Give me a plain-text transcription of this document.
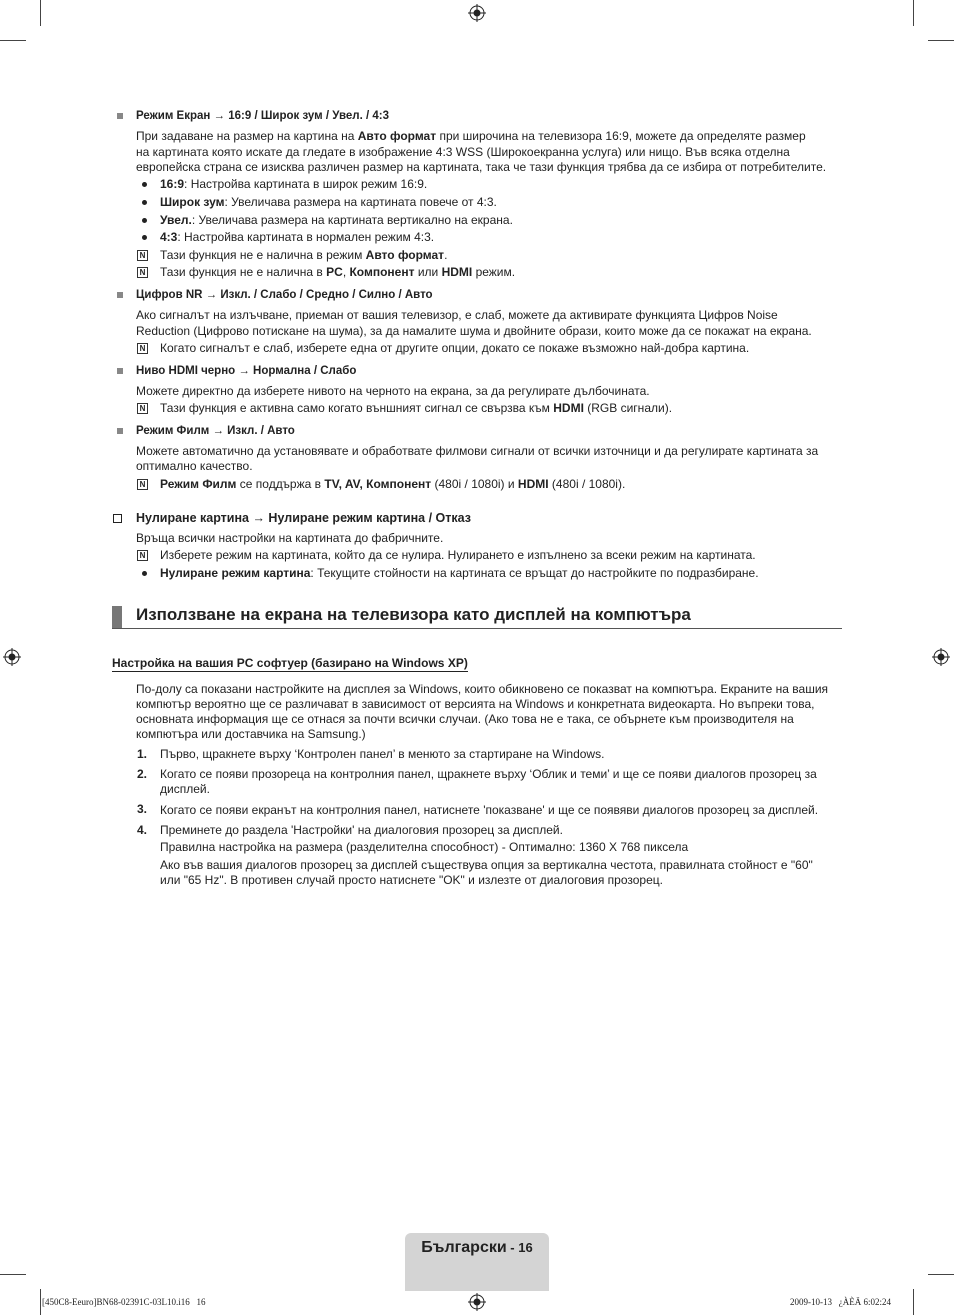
Режим Екран → 16:9 / Широк зум / Увел. / 4:3
При задаване на размер на картина на Авто формат при широчина на телевизора 16:9, можете да определяте размер
на картината която искате да гледате в изображение 4:3 WSS (Широкоекранна услуга) или нищо. Във всяка отделна
европейска страна се изисква различен размер на картината, така че тази функция трябва да се избира от потребителите.
16:9: Настройва картината в широк режим 16:9.
Широк зум: Увеличава размера на картината повече от 4:3.
Увел.: Увеличава размера на картината вертикално на екрана.
4:3: Настройва картината в нормален режим 4:3.
N Тази функция не е налична в режим Авто формат.
N Тази функция не е налична в PC, Компонент или HDMI режим.
Цифров NR → Изкл. / Слабо / Средно / Силно / Авто
Ако сигналът на излъчване, приеман от вашия телевизор, е слаб, можете да активирате функцията Цифров Noise
Reduction (Цифрово потискане на шума), за да намалите шума и двойните образи, които може да се покажат на екрана.
N Когато сигналът е слаб, изберете една от другите опции, докато се покаже възможно най-добра картина.
Ниво HDMI черно → Нормална / Слабо
Можете директно да изберете нивото на черното на екрана, за да регулирате дълбочината.
N Тази функция е активна само когато външният сигнал се свързва към HDMI (RGB сигнали).
Режим Филм → Изкл. / Авто
Можете автоматично да установявате и обработвате филмови сигнали от всички източници и да регулирате картината за
оптимално качество.
N Режим Филм се поддържа в TV, AV, Компонент (480i / 1080i) и HDMI (480i / 1080i).
Нулиране картина → Нулиране режим картина / Отказ
Връща всички настройки на картината до фабричните.
N Изберете режим на картината, който да се нулира. Нулирането е изпълнено за всеки режим на картината.
Нулиране режим картина: Текущите стойности на картината се връщат до настройките по подразбиране.
Използване на екрана на телевизора като дисплей на компютъра
Настройка на вашия PC софтуер (базирано на Windows XP)
По-долу са показани настройките на дисплея за Windows, които обикновено се показват на компютъра. Екраните на вашия
компютър вероятно ще се различават в зависимост от версията на Windows и конкретната видеокарта. Но въпреки това,
основната информация ще се отнася за почти всички случаи. (Ако това не е така, се обърнете към производителя на
компютъра или доставчика на Samsung.)
1. Първо, щракнете върху ‘Контролен панел’ в менюто за стартиране на Windows.
2. Когато се появи прозореца на контролния панел, щракнете върху ‘Облик и теми’ и ще се появи диалогов прозорец за
дисплей.
3. Когато се появи екранът на контролния панел, натиснете 'показване' и ще се появяви диалогов прозорец за дисплей.
4. Преминете до раздела 'Настройки' на диалоговия прозорец за дисплей.
Правилна настройка на размера (разделителна способност) - Оптимално: 1360 X 768 пиксела
Ако във вашия диалогов прозорец за дисплей съществува опция за вертикална честота, правилната стойност е "60"
или "65 Hz". В противен случай просто натиснете "OK" и излезте от диалоговия прозорец.
Български - 16
[450C8-Eeuro]BN68-02391C-03L10.i16   16	2009-10-13   ¿ÀÈÄ 6:02:24
